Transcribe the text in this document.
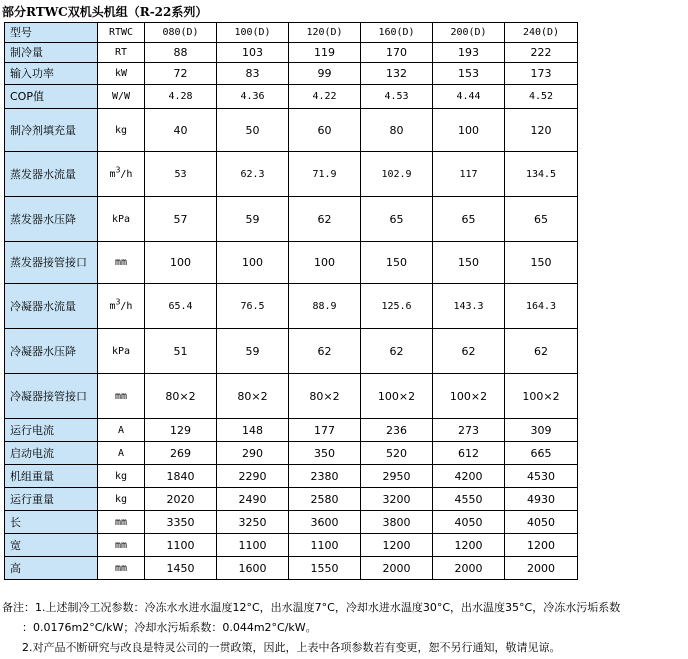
部分RTWC双机头机组（R-22系列）
型号	RTWC	080(D)	100(D)	120(D)	160(D)	200(D)	240(D)
制冷量	RT	88	103	119	170	193	222
输入功率	kW	72	83	99	132	153	173
COP值	W/W	4.28	4.36	4.22	4.53	4.44	4.52
制冷剂填充量	kg	40	50	60	80	100	120
蒸发器水流量	$m^3/h$	53	62.3	71.9	102.9	117	134.5
蒸发器水压降	kPa	57	59	62	65	65	65
蒸发器接管接口	mm	100	100	100	150	150	150
冷凝器水流量	$m^3/h$	65.4	76.5	88.9	125.6	143.3	164.3
冷凝器水压降	kPa	51	59	62	62	62	62
冷凝器接管接口	mm	80×2	80×2	80×2	100×2	100×2	100×2
运行电流	A	129	148	177	236	273	309
启动电流	A	269	290	350	520	612	665
机组重量	kg	1840	2290	2380	2950	4200	4530
运行重量	kg	2020	2490	2580	3200	4550	4930
长	mm	3350	3250	3600	3800	4050	4050
宽	mm	1100	1100	1100	1200	1200	1200
高	mm	1450	1600	1550	2000	2000	2000
备注：1.上述制冷工况参数：冷冻水水进水温度12°C，出水温度7°C，冷却水进水温度30°C，出水温度35°C，冷冻水污垢系数
：0.0176m2°C/kW；冷却水污垢系数：0.044m2°C/kW。
2.对产品不断研究与改良是特灵公司的一贯政策，因此，上表中各项参数若有变更，恕不另行通知，敬请见谅。
